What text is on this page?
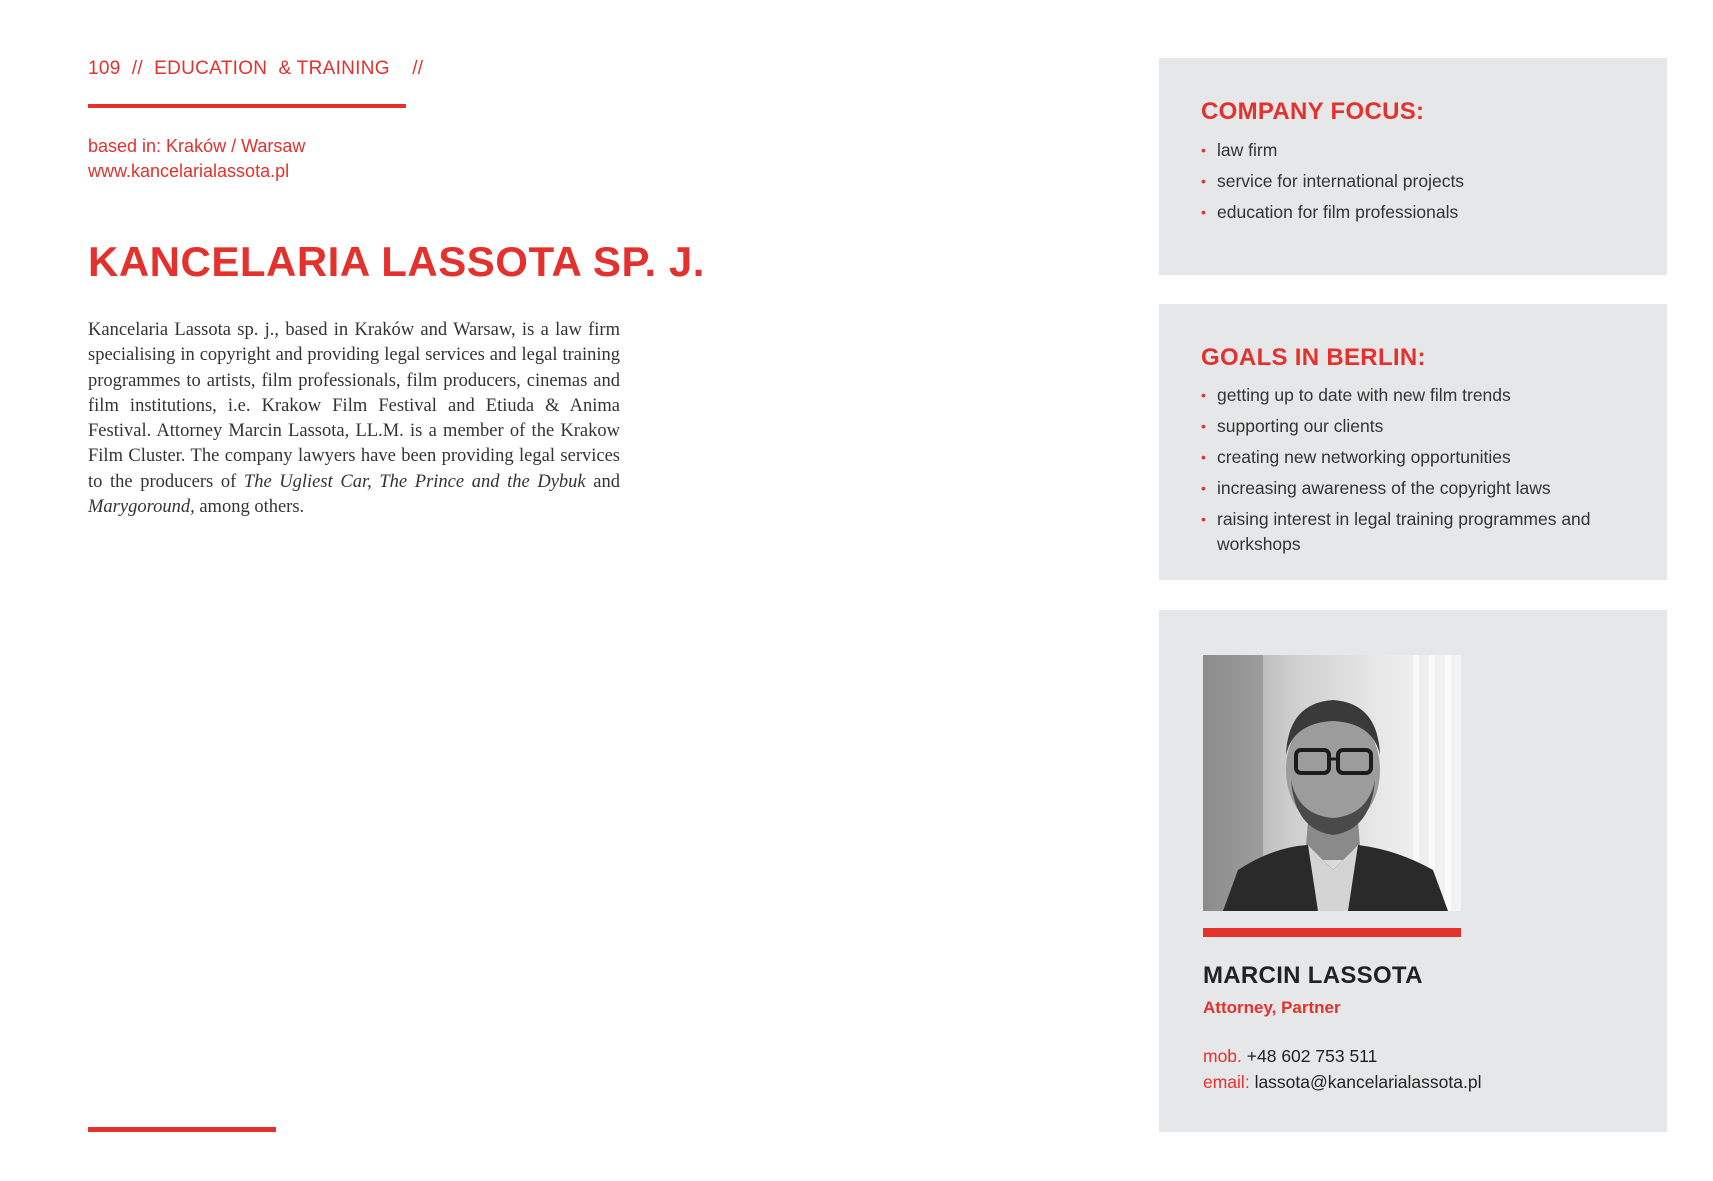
109 // EDUCATION  & TRAINING //
based in: Kraków / Warsaw
www.kancelarialassota.pl
KANCELARIA LASSOTA SP. J.

Kancelaria Lassota sp. j., based in Kraków and Warsaw, is a law firm specialising in copyright and providing legal services and legal training programmes to artists, film professionals, film producers, cinemas and film institutions, i.e. Krakow Film Festival and Etiuda & Anima Festival. Attorney Marcin Lassota, LL.M. is a member of the Krakow Film Cluster. The company lawyers have been providing legal services to the producers of The Ugliest Car, The Prince and the Dybuk and Marygoround, among others.

COMPANY FOCUS:
• law firm
• service for international projects
• education for film professionals
GOALS IN BERLIN:
• getting up to date with new film trends
• supporting our clients
• creating new networking opportunities
• increasing awareness of the copyright laws
• raising interest in legal training programmes and workshops
MARCIN LASSOTA
Attorney, Partner
mob. +48 602 753 511
email: lassota@kancelarialassota.pl
